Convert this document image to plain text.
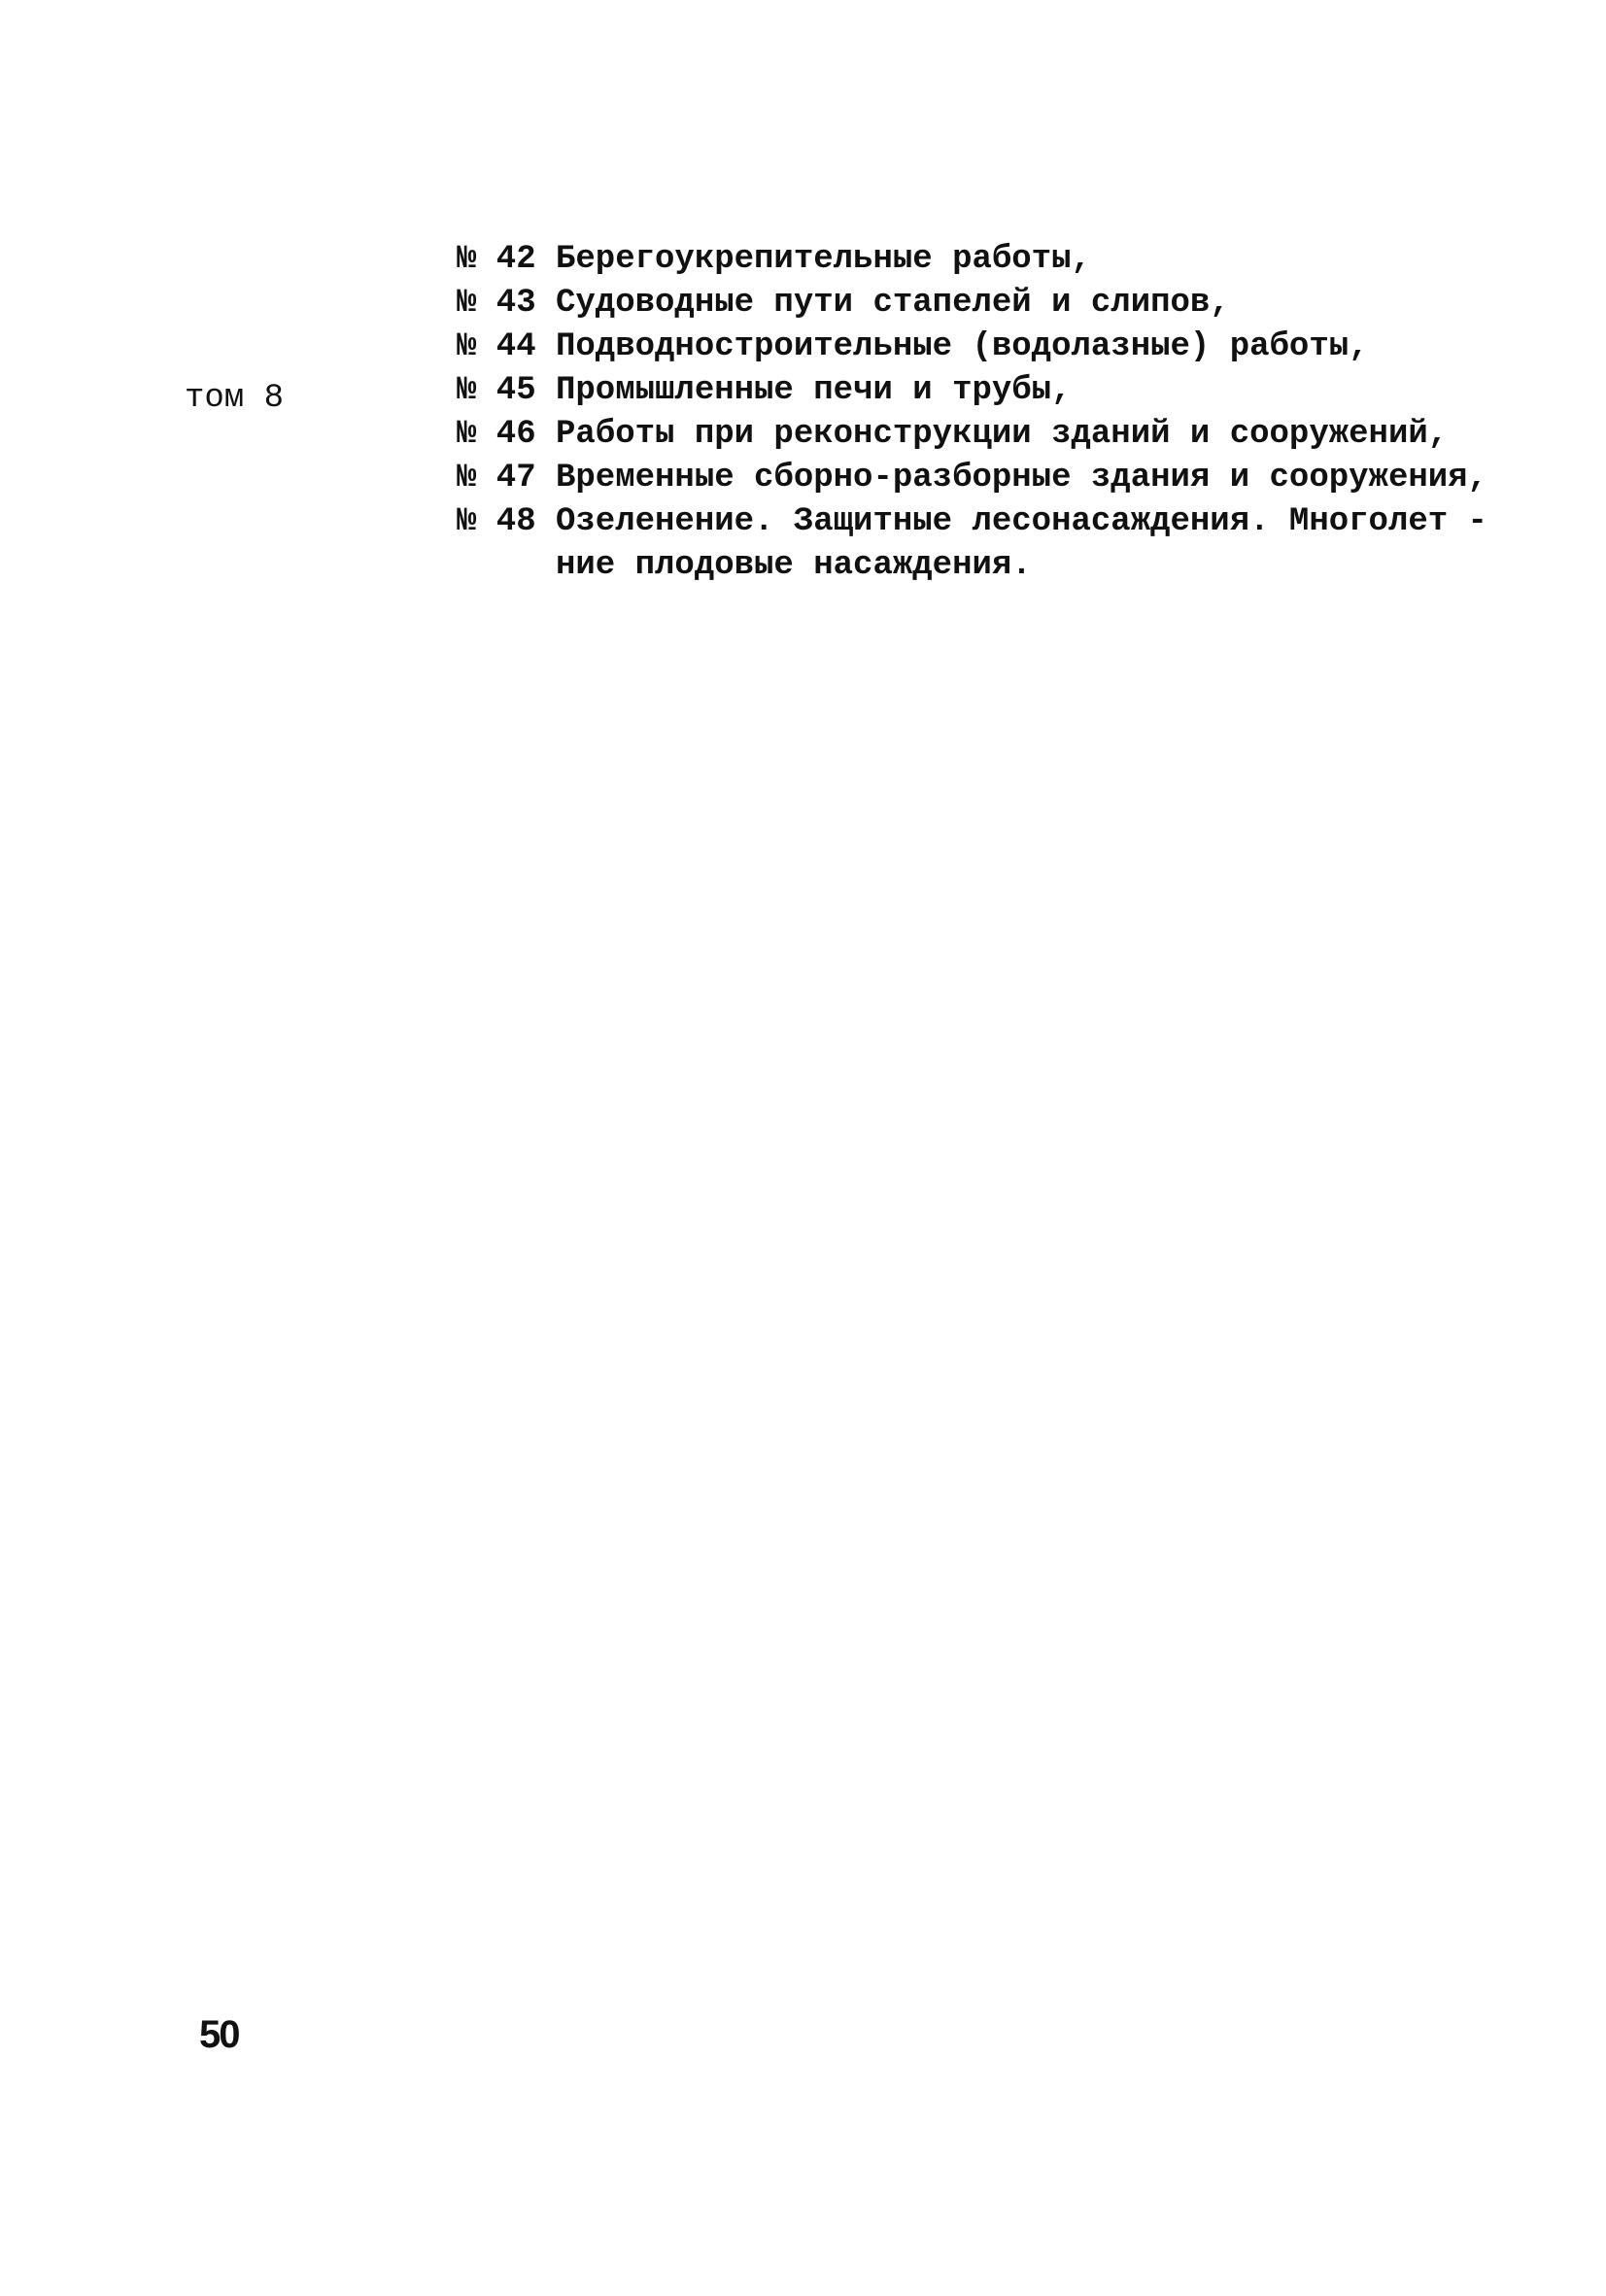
том 8
№ 42 Берегоукрепительные работы,
№ 43 Судоводные пути стапелей и слипов,
№ 44 Подводностроительные (водолазные) работы,
№ 45 Промышленные печи и трубы,
№ 46 Работы при реконструкции зданий и сооружений,
№ 47 Временные сборно-разборные здания и сооружения,
№ 48 Озеленение. Защитные лесонасаждения. Многолет -
ние плодовые насаждения.
50
